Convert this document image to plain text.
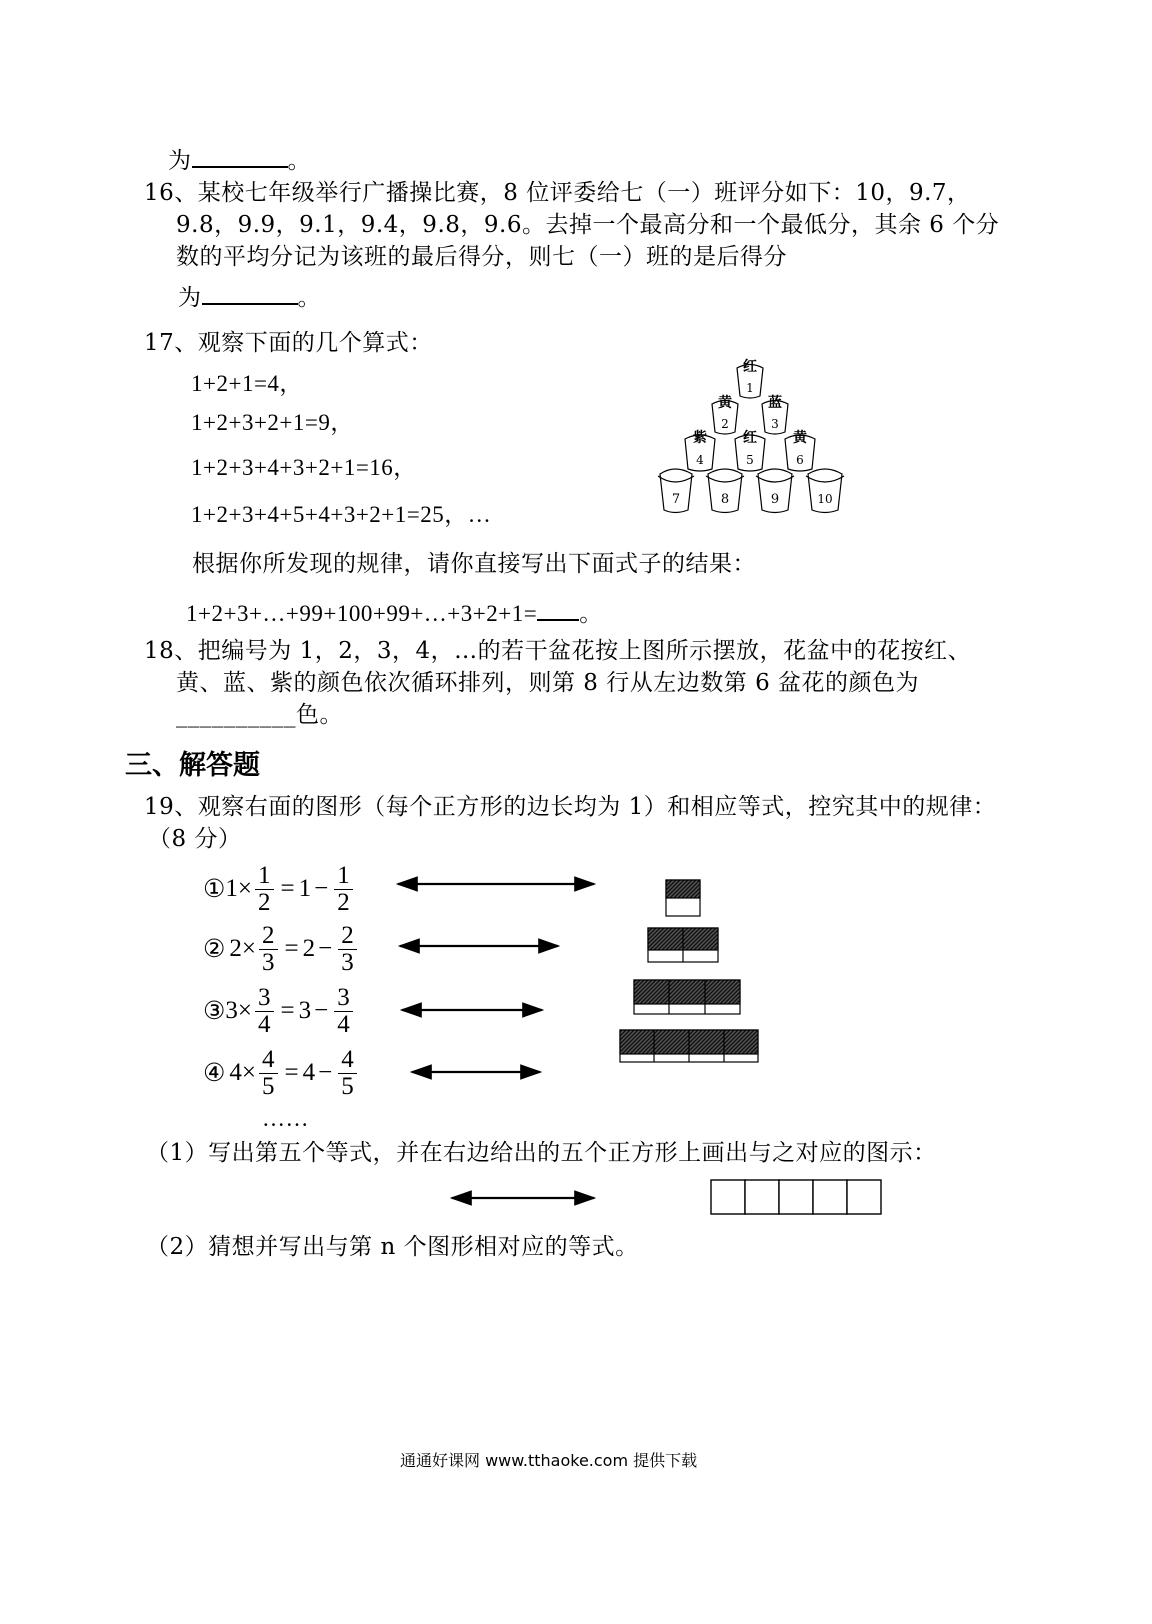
为	。
16、某校七年级举行广播操比赛，8 位评委给七（一）班评分如下：10，9.7，
9.8，9.9，9.1，9.4，9.8，9.6。去掉一个最高分和一个最低分，其余 6 个分
数的平均分记为该班的最后得分，则七（一）班的是后得分
为	。
17、观察下面的几个算式：
1+2+1=4，
1+2+3+2+1=9，
1+2+3+4+3+2+1=16，
1+2+3+4+5+4+3+2+1=25，…
根据你所发现的规律，请你直接写出下面式子的结果：
1+2+3+…+99+100+99+…+3+2+1= 。
7	8	9	10
4
紫
5
红
6
黄
2
黄
3
蓝
1
红
18、把编号为 1，2，3，4，…的若干盆花按上图所示摆放，花盆中的花按红、
黄、蓝、紫的颜色依次循环排列，则第 8 行从左边数第 6 盆花的颜色为
__________色。
三、解答题
19、观察右面的图形（每个正方形的边长均为 1）和相应等式，控究其中的规律：
（8 分）
① $1 \times \frac{1}{2} = 1 - \frac{1}{2}$
② $2 \times \frac{2}{3} = 2 - \frac{2}{3}$
③ $3 \times \frac{3}{4} = 3 - \frac{3}{4}$
④ $4 \times \frac{4}{5} = 4 - \frac{4}{5}$
……
（1）写出第五个等式，并在右边给出的五个正方形上画出与之对应的图示：
（2）猜想并写出与第 n 个图形相对应的等式。
通通好课网 www.tthaoke.com 提供下载
